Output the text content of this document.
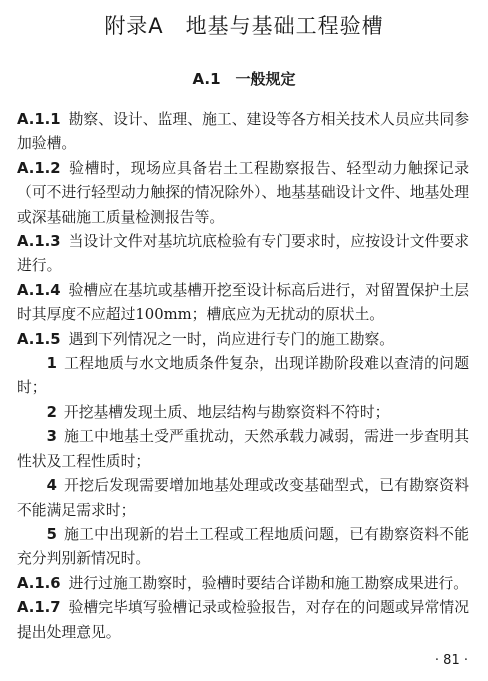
附录A　地基与基础工程验槽
A.1　一般规定

A.1.1 勘察、设计、监理、施工、建设等各方相关技术人员应共同参加验槽。

A.1.2 验槽时，现场应具备岩土工程勘察报告、轻型动力触探记录（可不进行轻型动力触探的情况除外）、地基基础设计文件、地基处理或深基础施工质量检测报告等。

A.1.3 当设计文件对基坑坑底检验有专门要求时，应按设计文件要求进行。

A.1.4 验槽应在基坑或基槽开挖至设计标高后进行，对留置保护土层时其厚度不应超过100mm；槽底应为无扰动的原状土。

A.1.5 遇到下列情况之一时，尚应进行专门的施工勘察。

1 工程地质与水文地质条件复杂，出现详勘阶段难以查清的问题时；

2 开挖基槽发现土质、地层结构与勘察资料不符时；

3 施工中地基土受严重扰动，天然承载力减弱，需进一步查明其性状及工程性质时；

4 开挖后发现需要增加地基处理或改变基础型式，已有勘察资料不能满足需求时；

5 施工中出现新的岩土工程或工程地质问题，已有勘察资料不能充分判别新情况时。

A.1.6 进行过施工勘察时，验槽时要结合详勘和施工勘察成果进行。

A.1.7 验槽完毕填写验槽记录或检验报告，对存在的问题或异常情况提出处理意见。

· 81 ·
